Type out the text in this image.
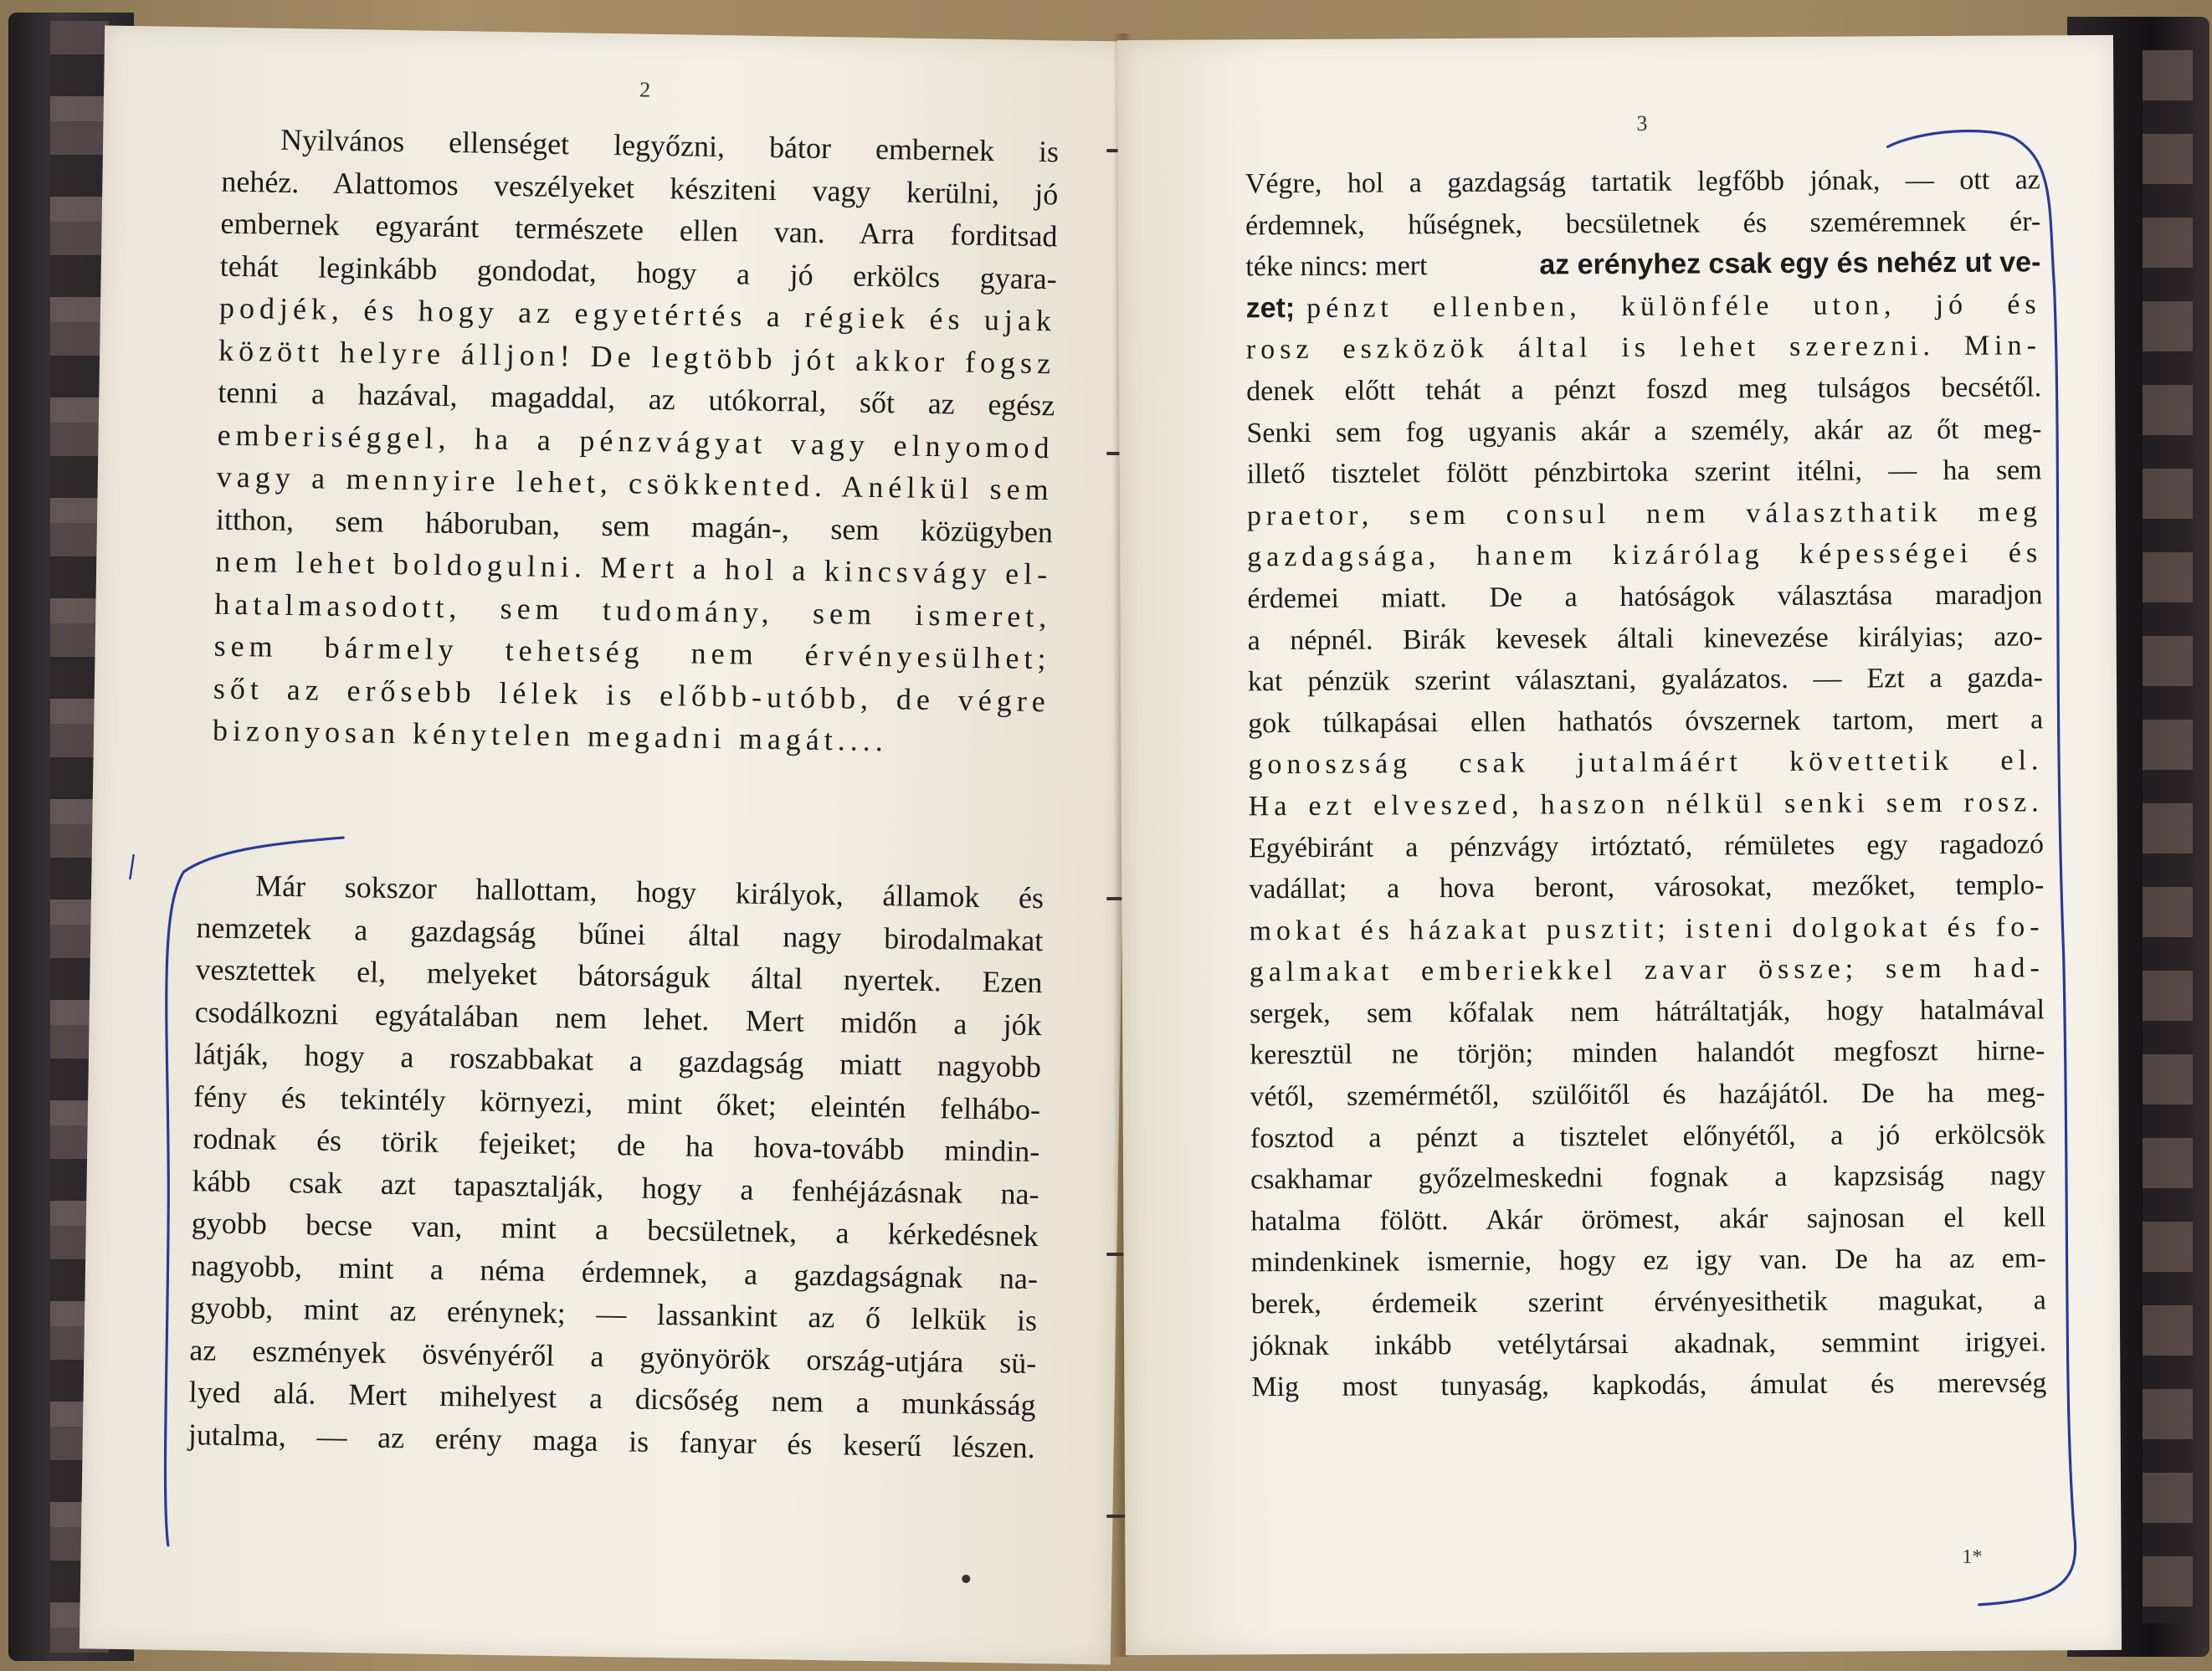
2
Nyilvános ellenséget legyőzni, bátor embernek is
nehéz. Alattomos veszélyeket késziteni vagy kerülni, jó
embernek egyaránt természete ellen van. Arra forditsad
tehát leginkább gondodat, hogy a jó erkölcs gyara-
podjék, és hogy az egyetértés a régiek és ujak
között helyre álljon! De legtöbb jót akkor fogsz
tenni a hazával, magaddal, az utókorral, sőt az egész
emberiséggel, ha a pénzvágyat vagy elnyomod
vagy a mennyire lehet, csökkented. Anélkül sem
itthon, sem háboruban, sem magán-, sem közügyben
nem lehet boldogulni. Mert a hol a kincsvágy el-
hatalmasodott, sem tudomány, sem ismeret,
sem bármely tehetség nem érvényesülhet;
sőt az erősebb lélek is előbb-utóbb, de végre
bizonyosan kénytelen megadni magát....
Már sokszor hallottam, hogy királyok, államok és
nemzetek a gazdagság bűnei által nagy birodalmakat
vesztettek el, melyeket bátorságuk által nyertek. Ezen
csodálkozni egyátalában nem lehet. Mert midőn a jók
látják, hogy a roszabbakat a gazdagság miatt nagyobb
fény és tekintély környezi, mint őket; eleintén felhábo-
rodnak és törik fejeiket; de ha hova-tovább mindin-
kább csak azt tapasztalják, hogy a fenhéjázásnak na-
gyobb becse van, mint a becsületnek, a kérkedésnek
nagyobb, mint a néma érdemnek, a gazdagságnak na-
gyobb, mint az erénynek; — lassankint az ő lelkük is
az eszmények ösvényéről a gyönyörök ország-utjára sü-
lyed alá. Mert mihelyest a dicsőség nem a munkásság
jutalma, — az erény maga is fanyar és keserű lészen.
3
Végre, hol a gazdagság tartatik legfőbb jónak, — ott az
érdemnek, hűségnek, becsületnek és szeméremnek ér-
téke nincs: mert	az erényhez csak egy és nehéz ut ve-
zet; pénzt ellenben, különféle uton, jó és
rosz eszközök által is lehet szerezni. Min-
denek előtt tehát a pénzt foszd meg tulságos becsétől.
Senki sem fog ugyanis akár a személy, akár az őt meg-
illető tisztelet fölött pénzbirtoka szerint itélni, — ha sem
praetor, sem consul nem választhatik meg
gazdagsága, hanem kizárólag képességei és
érdemei miatt. De a hatóságok választása maradjon
a népnél. Birák kevesek általi kinevezése királyias; azo-
kat pénzük szerint választani, gyalázatos. — Ezt a gazda-
gok túlkapásai ellen hathatós óvszernek tartom, mert a
gonoszság csak jutalmáért követtetik el.
Ha ezt elveszed, haszon nélkül senki sem rosz.
Egyébiránt a pénzvágy irtóztató, rémületes egy ragadozó
vadállat; a hova beront, városokat, mezőket, templo-
mokat és házakat pusztit; isteni dolgokat és fo-
galmakat emberiekkel zavar össze; sem had-
sergek, sem kőfalak nem hátráltatják, hogy hatalmával
keresztül ne törjön; minden halandót megfoszt hirne-
vétől, szemérmétől, szülőitől és hazájától. De ha meg-
fosztod a pénzt a tisztelet előnyétől, a jó erkölcsök
csakhamar győzelmeskedni fognak a kapzsiság nagy
hatalma fölött. Akár örömest, akár sajnosan el kell
mindenkinek ismernie, hogy ez igy van. De ha az em-
berek, érdemeik szerint érvényesithetik magukat, a
jóknak inkább vetélytársai akadnak, semmint irigyei.
Mig most tunyaság, kapkodás, ámulat és merevség
1*
